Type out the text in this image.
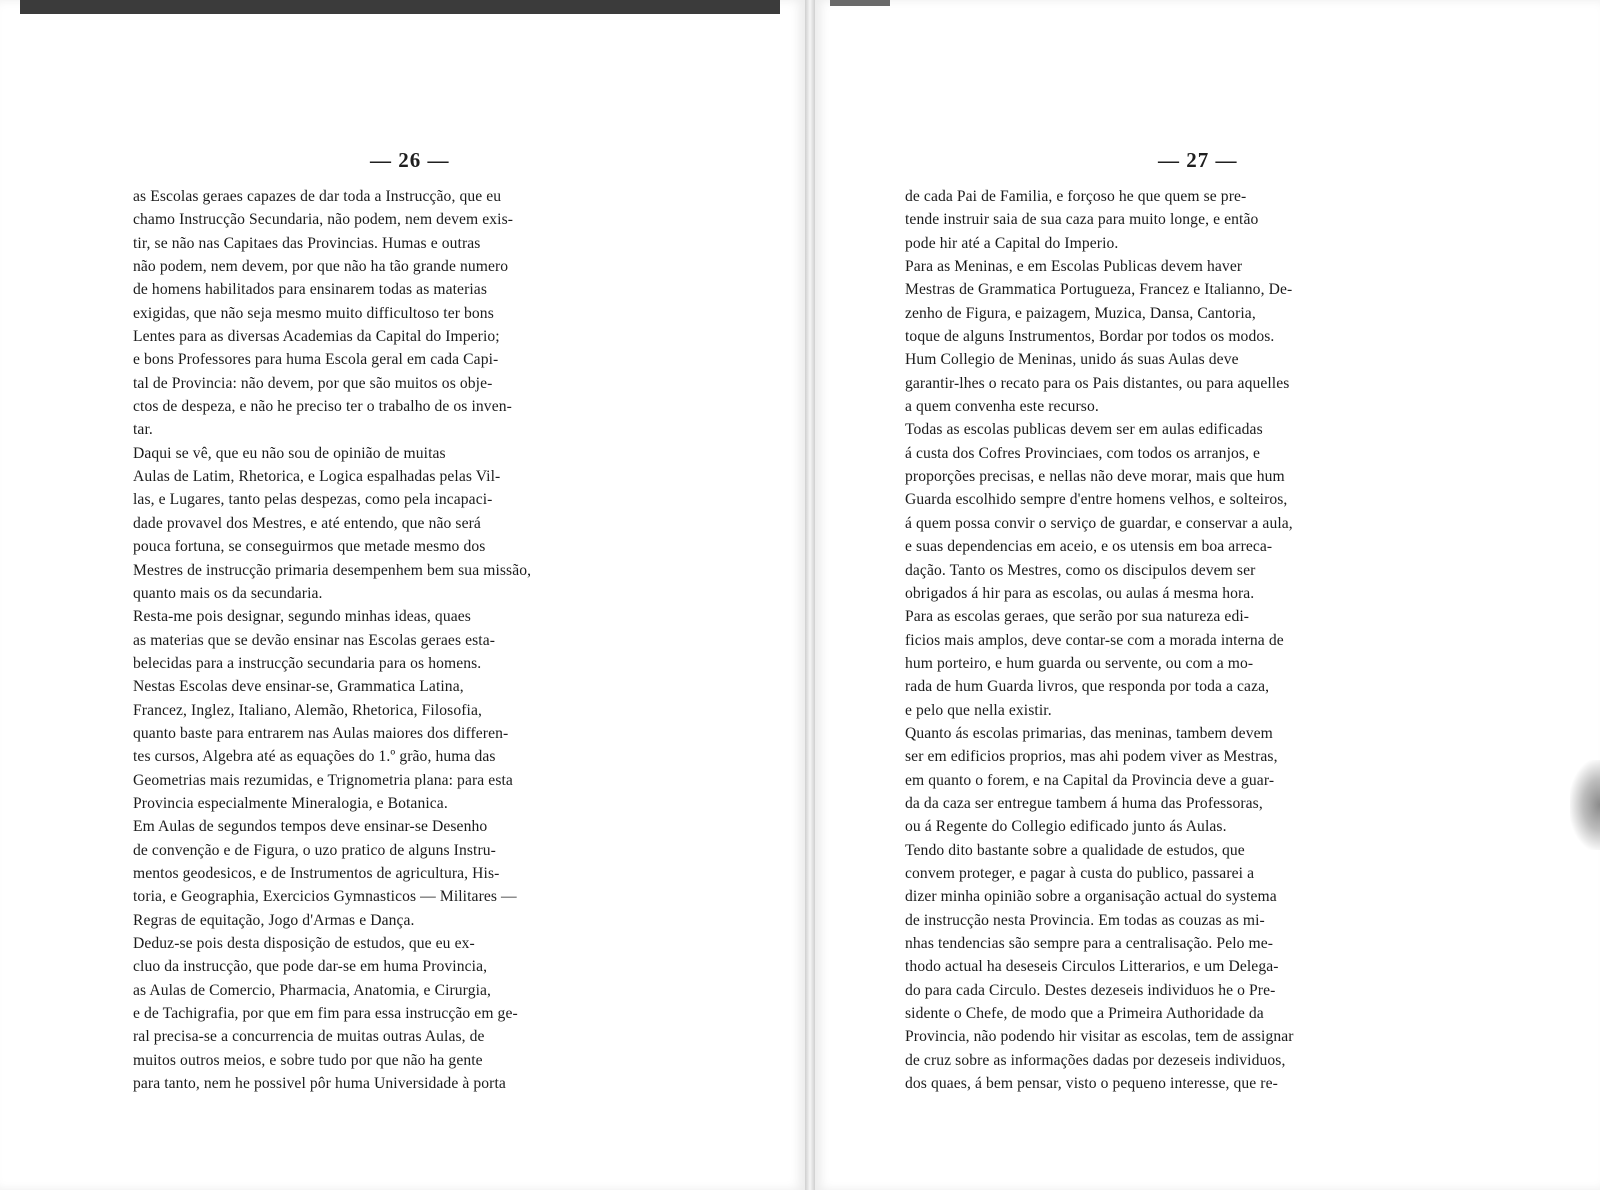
— 26 —
as Escolas geraes capazes de dar toda a Instrucção, que eu
chamo Instrucção Secundaria, não podem, nem devem exis-
tir, se não nas Capitaes das Provincias. Humas e outras
não podem, nem devem, por que não ha tão grande numero
de homens habilitados para ensinarem todas as materias
exigidas, que não seja mesmo muito difficultoso ter bons
Lentes para as diversas Academias da Capital do Imperio;
e bons Professores para huma Escola geral em cada Capi-
tal de Provincia: não devem, por que são muitos os obje-
ctos de despeza, e não he preciso ter o trabalho de os inven-
tar.
Daqui se vê, que eu não sou de opinião de muitas
Aulas de Latim, Rhetorica, e Logica espalhadas pelas Vil-
las, e Lugares, tanto pelas despezas, como pela incapaci-
dade provavel dos Mestres, e até entendo, que não será
pouca fortuna, se conseguirmos que metade mesmo dos
Mestres de instrucção primaria desempenhem bem sua missão,
quanto mais os da secundaria.
Resta-me pois designar, segundo minhas ideas, quaes
as materias que se devão ensinar nas Escolas geraes esta-
belecidas para a instrucção secundaria para os homens.
Nestas Escolas deve ensinar-se, Grammatica Latina,
Francez, Inglez, Italiano, Alemão, Rhetorica, Filosofia,
quanto baste para entrarem nas Aulas maiores dos differen-
tes cursos, Algebra até as equações do 1.º grão, huma das
Geometrias mais rezumidas, e Trignometria plana: para esta
Provincia especialmente Mineralogia, e Botanica.
Em Aulas de segundos tempos deve ensinar-se Desenho
de convenção e de Figura, o uzo pratico de alguns Instru-
mentos geodesicos, e de Instrumentos de agricultura, His-
toria, e Geographia, Exercicios Gymnasticos — Militares —
Regras de equitação, Jogo d'Armas e Dança.
Deduz-se pois desta disposição de estudos, que eu ex-
cluo da instrucção, que pode dar-se em huma Provincia,
as Aulas de Comercio, Pharmacia, Anatomia, e Cirurgia,
e de Tachigrafia, por que em fim para essa instrucção em ge-
ral precisa-se a concurrencia de muitas outras Aulas, de
muitos outros meios, e sobre tudo por que não ha gente
para tanto, nem he possivel pôr huma Universidade à porta
— 27 —
de cada Pai de Familia, e forçoso he que quem se pre-
tende instruir saia de sua caza para muito longe, e então
pode hir até a Capital do Imperio.
Para as Meninas, e em Escolas Publicas devem haver
Mestras de Grammatica Portugueza, Francez e Italianno, De-
zenho de Figura, e paizagem, Muzica, Dansa, Cantoria,
toque de alguns Instrumentos, Bordar por todos os modos.
Hum Collegio de Meninas, unido ás suas Aulas deve
garantir-lhes o recato para os Pais distantes, ou para aquelles
a quem convenha este recurso.
Todas as escolas publicas devem ser em aulas edificadas
á custa dos Cofres Provinciaes, com todos os arranjos, e
proporções precisas, e nellas não deve morar, mais que hum
Guarda escolhido sempre d'entre homens velhos, e solteiros,
á quem possa convir o serviço de guardar, e conservar a aula,
e suas dependencias em aceio, e os utensis em boa arreca-
dação. Tanto os Mestres, como os discipulos devem ser
obrigados á hir para as escolas, ou aulas á mesma hora.
Para as escolas geraes, que serão por sua natureza edi-
ficios mais amplos, deve contar-se com a morada interna de
hum porteiro, e hum guarda ou servente, ou com a mo-
rada de hum Guarda livros, que responda por toda a caza,
e pelo que nella existir.
Quanto ás escolas primarias, das meninas, tambem devem
ser em edificios proprios, mas ahi podem viver as Mestras,
em quanto o forem, e na Capital da Provincia deve a guar-
da da caza ser entregue tambem á huma das Professoras,
ou á Regente do Collegio edificado junto ás Aulas.
Tendo dito bastante sobre a qualidade de estudos, que
convem proteger, e pagar à custa do publico, passarei a
dizer minha opinião sobre a organisação actual do systema
de instrucção nesta Provincia. Em todas as couzas as mi-
nhas tendencias são sempre para a centralisação. Pelo me-
thodo actual ha deseseis Circulos Litterarios, e um Delega-
do para cada Circulo. Destes dezeseis individuos he o Pre-
sidente o Chefe, de modo que a Primeira Authoridade da
Provincia, não podendo hir visitar as escolas, tem de assignar
de cruz sobre as informações dadas por dezeseis individuos,
dos quaes, á bem pensar, visto o pequeno interesse, que re-
